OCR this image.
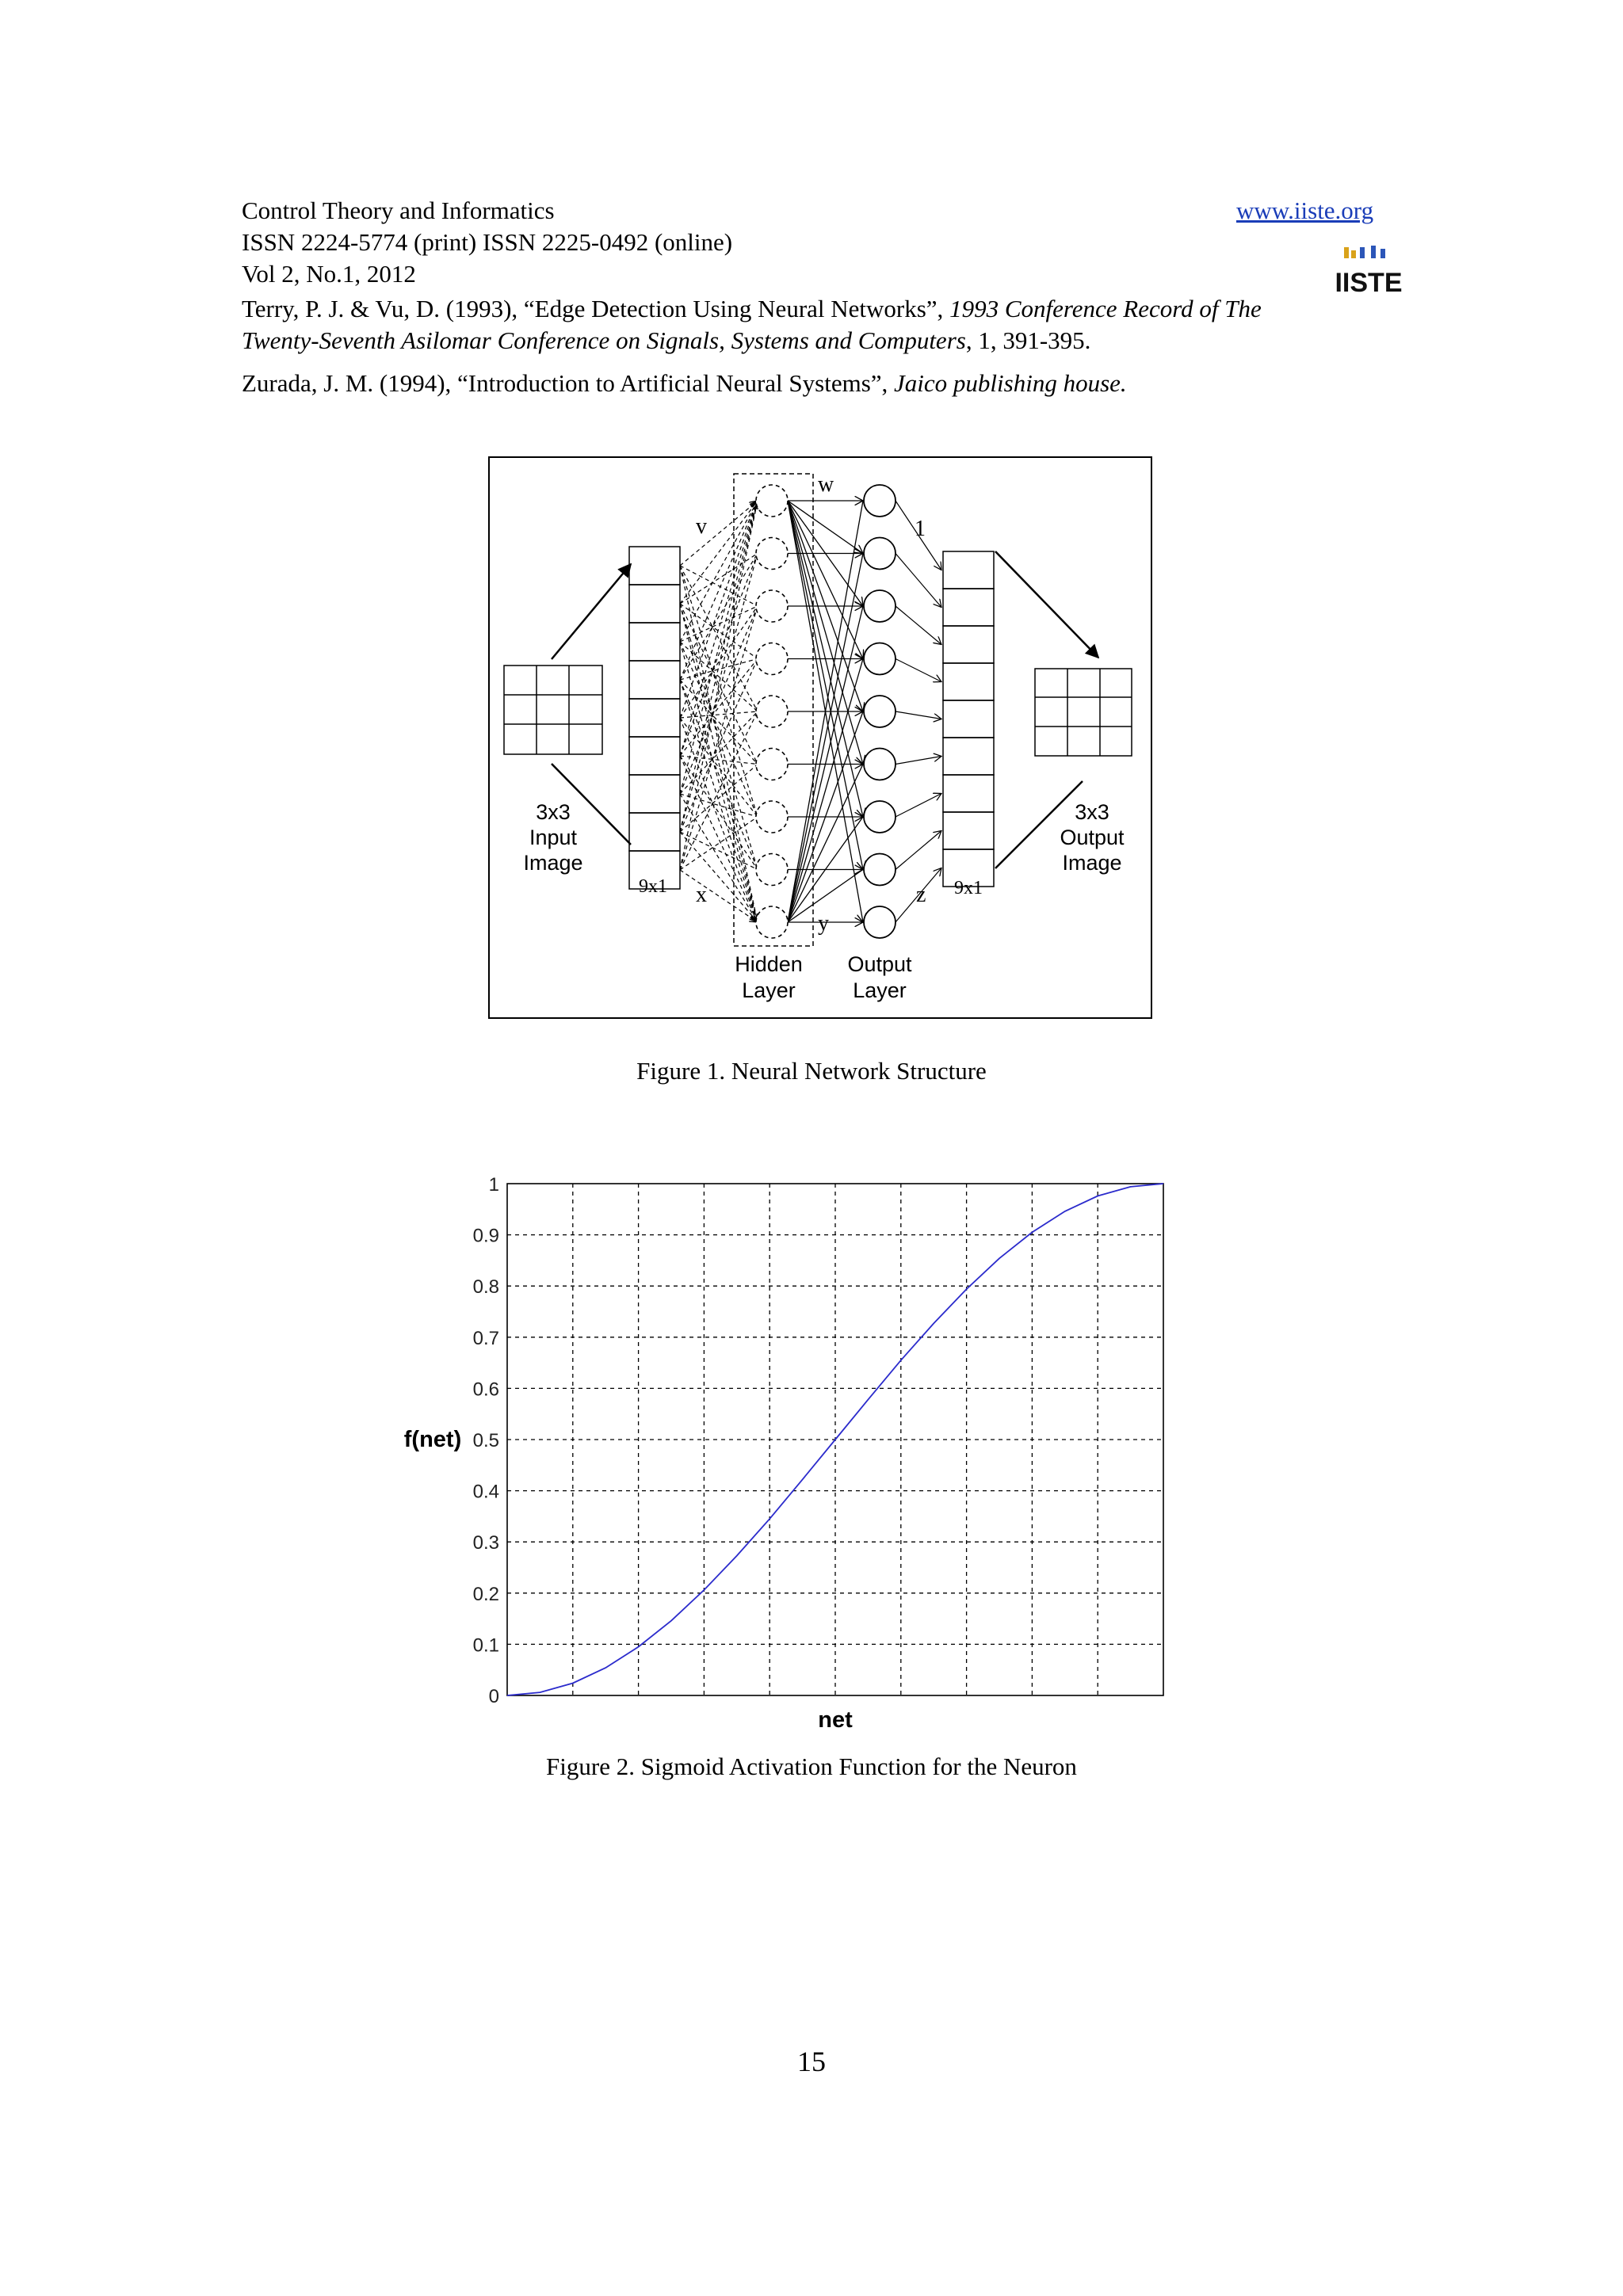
Control Theory and Informatics	www.iiste.org
ISSN 2224-5774 (print) ISSN 2225-0492 (online)
Vol 2, No.1, 2012	IISTE
Terry, P. J. & Vu, D. (1993), “Edge Detection Using Neural Networks”, 1993 Conference Record of The
Twenty-Seventh Asilomar Conference on Signals, Systems and Computers, 1, 391-395.
Zurada, J. M. (1994), “Introduction to Artificial Neural Systems”, Jaico publishing house.
v
w
1
x
y
z
9x1	9x1
3x3
Input
Image
3x3
Output
Image
Hidden
Layer
Output
Layer
Figure 1. Neural Network Structure
0
0.1
0.2
0.3
0.4
0.5
0.6
0.7
0.8
0.9
1
f(net)
net
Figure 2. Sigmoid Activation Function for the Neuron
15
